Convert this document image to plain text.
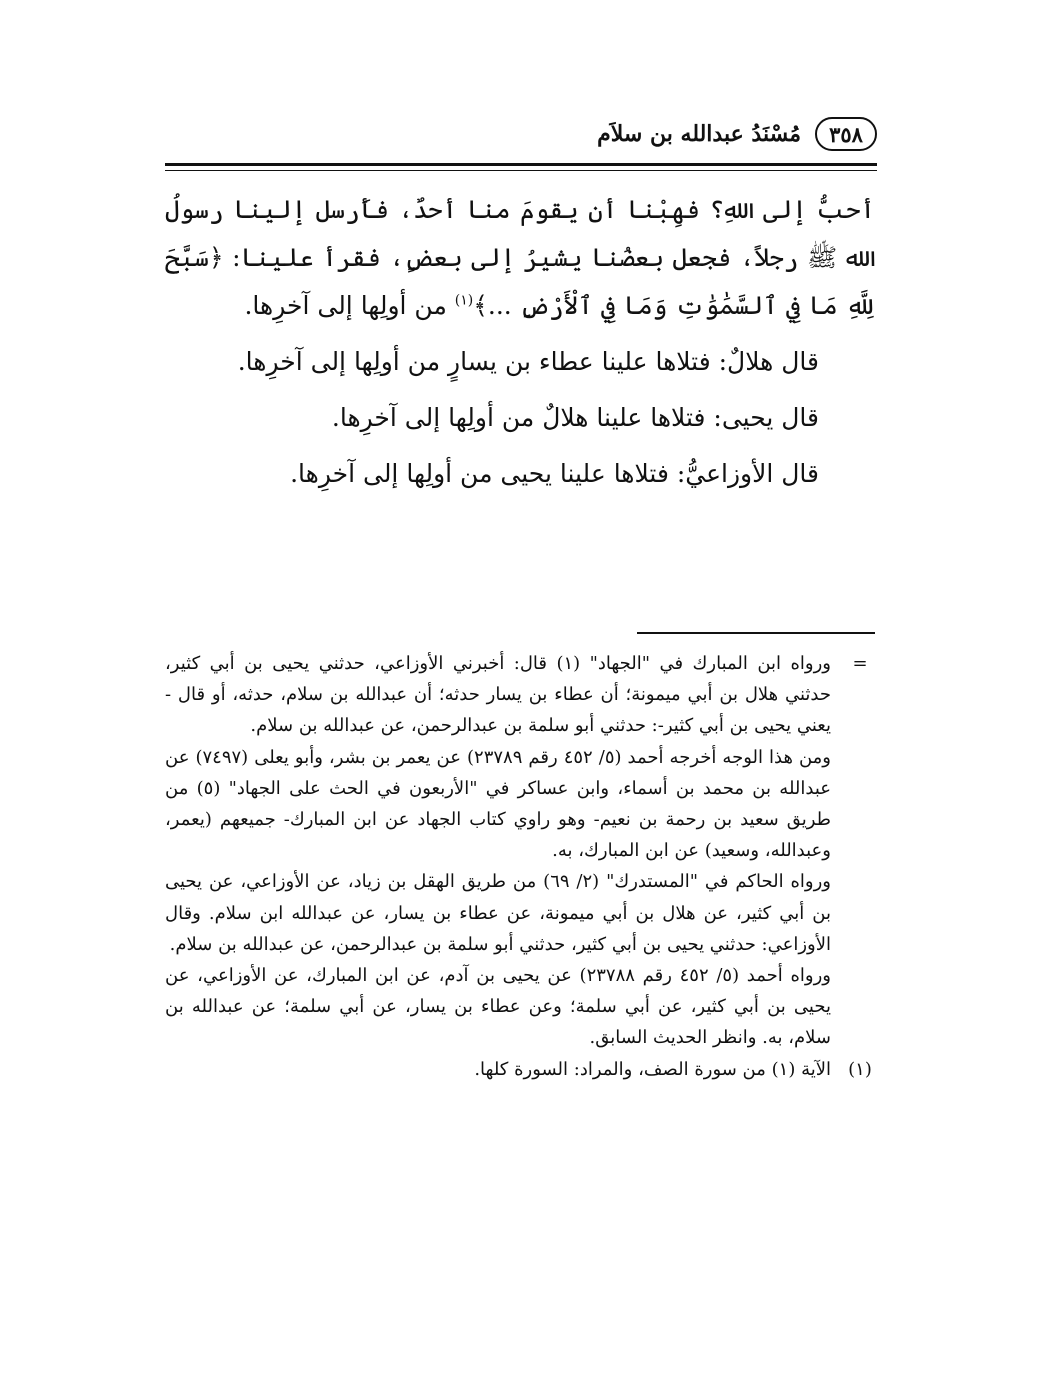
٣٥٨
مُسْنَدُ عبدالله بن سلاَم

أحبُّ إلى اللهِ؟ فهِبْنا أن يقومَ منا أحدٌ، فأَرسل إلينا رسولُ الله ﷺ رجلاً، فجعل بعضُنا يشيرُ إلى بعضٍ، فقرأ علينا: ﴿سَبَّحَ لِلَّهِ مَا فِي ٱلسَّمَٰوَٰتِ وَمَا فِي ٱلْأَرْضِ ...﴾$^{(١)}$ من أولِها إلى آخرِها.

قال هلالٌ: فتلاها علينا عطاء بن يسارٍ من أولِها إلى آخرِها.

قال يحيى: فتلاها علينا هلالٌ من أولِها إلى آخرِها.

قال الأوزاعيُّ: فتلاها علينا يحيى من أولِها إلى آخرِها.

=

ورواه ابن المبارك في "الجهاد" (١) قال: أخبرني الأوزاعي، حدثني يحيى بن أبي كثير، حدثني هلال بن أبي ميمونة؛ أن عطاء بن يسار حدثه؛ أن عبدالله بن سلام، حدثه، أو قال - يعني يحيى بن أبي كثير-: حدثني أبو سلمة بن عبدالرحمن، عن عبدالله بن سلام.

ومن هذا الوجه أخرجه أحمد (٥/ ٤٥٢ رقم ٢٣٧٨٩) عن يعمر بن بشر، وأبو يعلى (٧٤٩٧) عن عبدالله بن محمد بن أسماء، وابن عساكر في "الأربعون في الحث على الجهاد" (٥) من طريق سعيد بن رحمة بن نعيم- وهو راوي كتاب الجهاد عن ابن المبارك- جميعهم (يعمر، وعبدالله، وسعيد) عن ابن المبارك، به.

ورواه الحاكم في "المستدرك" (٢/ ٦٩) من طريق الهقل بن زياد، عن الأوزاعي، عن يحيى بن أبي كثير، عن هلال بن أبي ميمونة، عن عطاء بن يسار، عن عبدالله ابن سلام. وقال الأوزاعي: حدثني يحيى بن أبي كثير، حدثني أبو سلمة بن عبدالرحمن، عن عبدالله بن سلام.

ورواه أحمد (٥/ ٤٥٢ رقم ٢٣٧٨٨) عن يحيى بن آدم، عن ابن المبارك، عن الأوزاعي، عن يحيى بن أبي كثير، عن أبي سلمة؛ وعن عطاء بن يسار، عن أبي سلمة؛ عن عبدالله بن سلام، به. وانظر الحديث السابق.

(١)

الآية (١) من سورة الصف، والمراد: السورة كلها.
